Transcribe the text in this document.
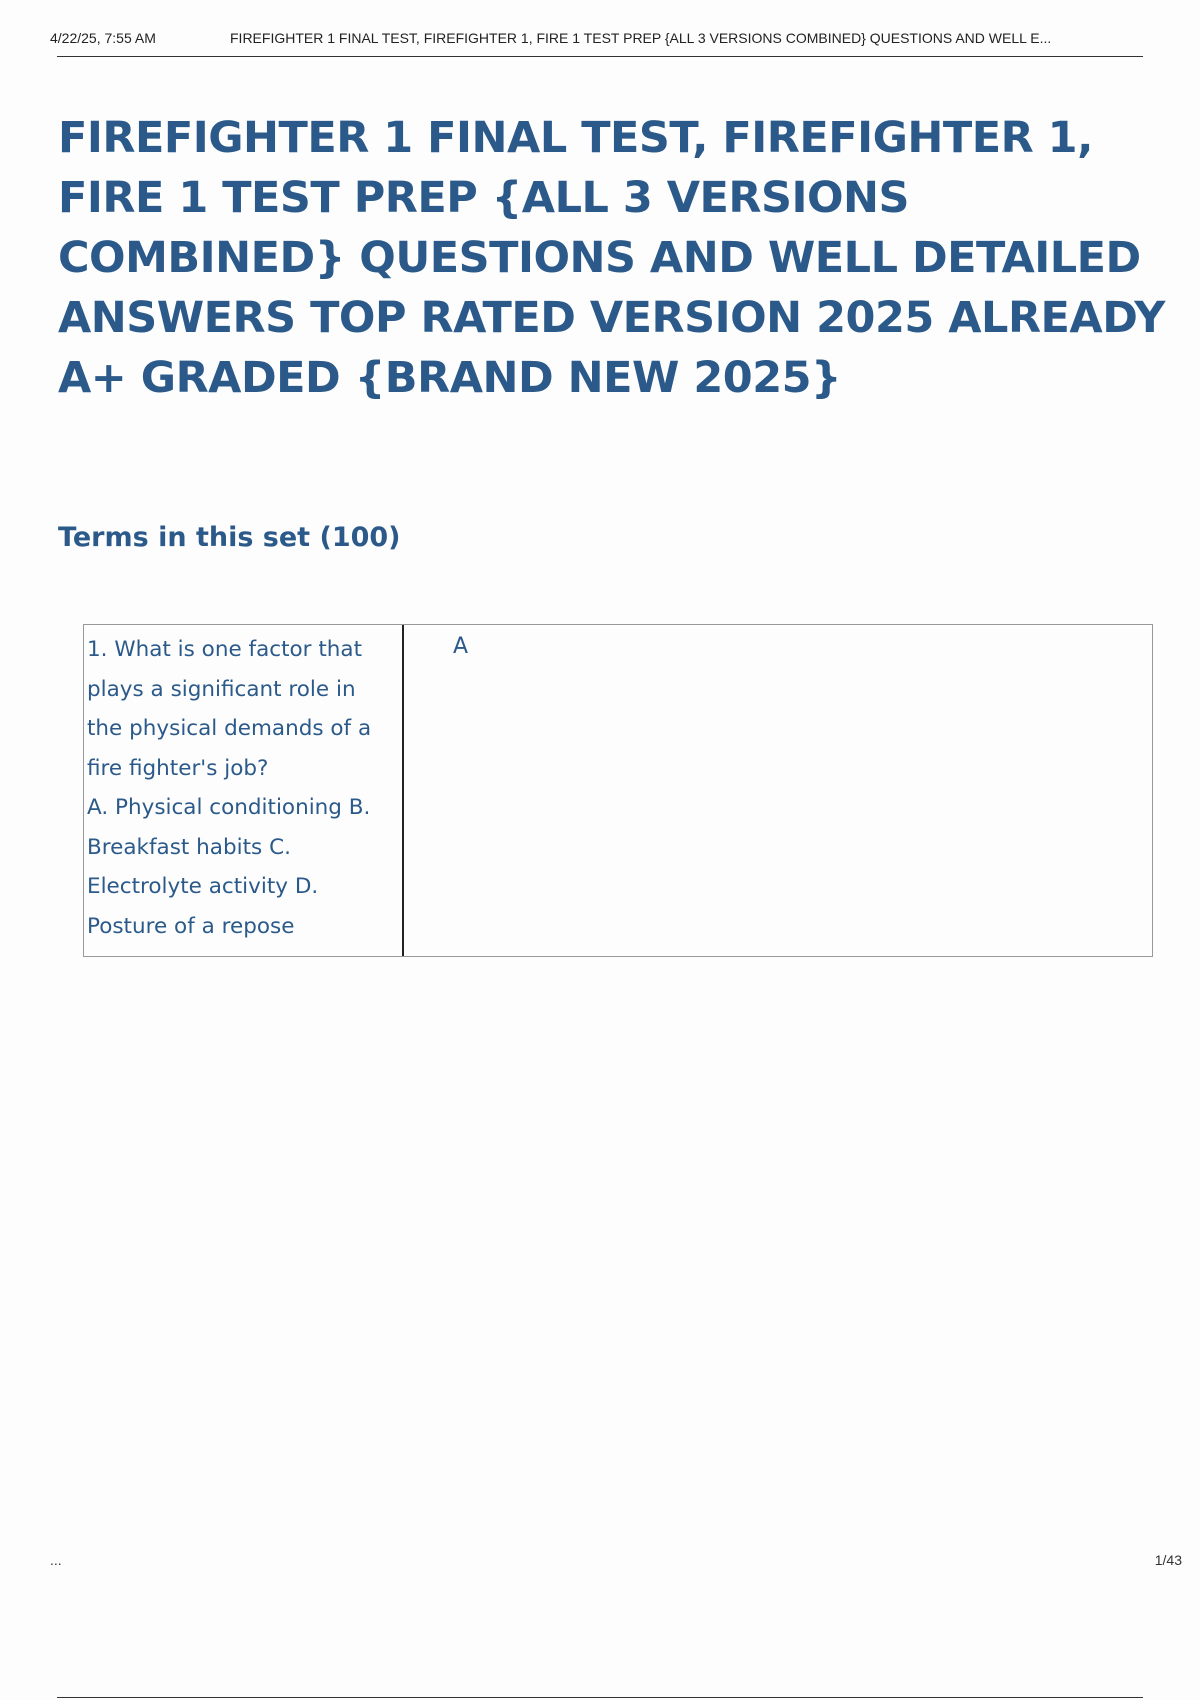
4/22/25, 7:55 AM	FIREFIGHTER 1 FINAL TEST, FIREFIGHTER 1, FIRE 1 TEST PREP {ALL 3 VERSIONS COMBINED} QUESTIONS AND WELL E...
FIREFIGHTER 1 FINAL TEST, FIREFIGHTER 1, FIRE 1 TEST PREP {ALL 3 VERSIONS COMBINED} QUESTIONS AND WELL DETAILED ANSWERS TOP RATED VERSION 2025 ALREADY A+ GRADED {BRAND NEW 2025}
Terms in this set (100)

1. What is one factor that plays a significant role in the physical demands of a fire fighter's job?

A. Physical conditioning B. Breakfast habits C. Electrolyte activity D. Posture of a repose

A
...	1/43
